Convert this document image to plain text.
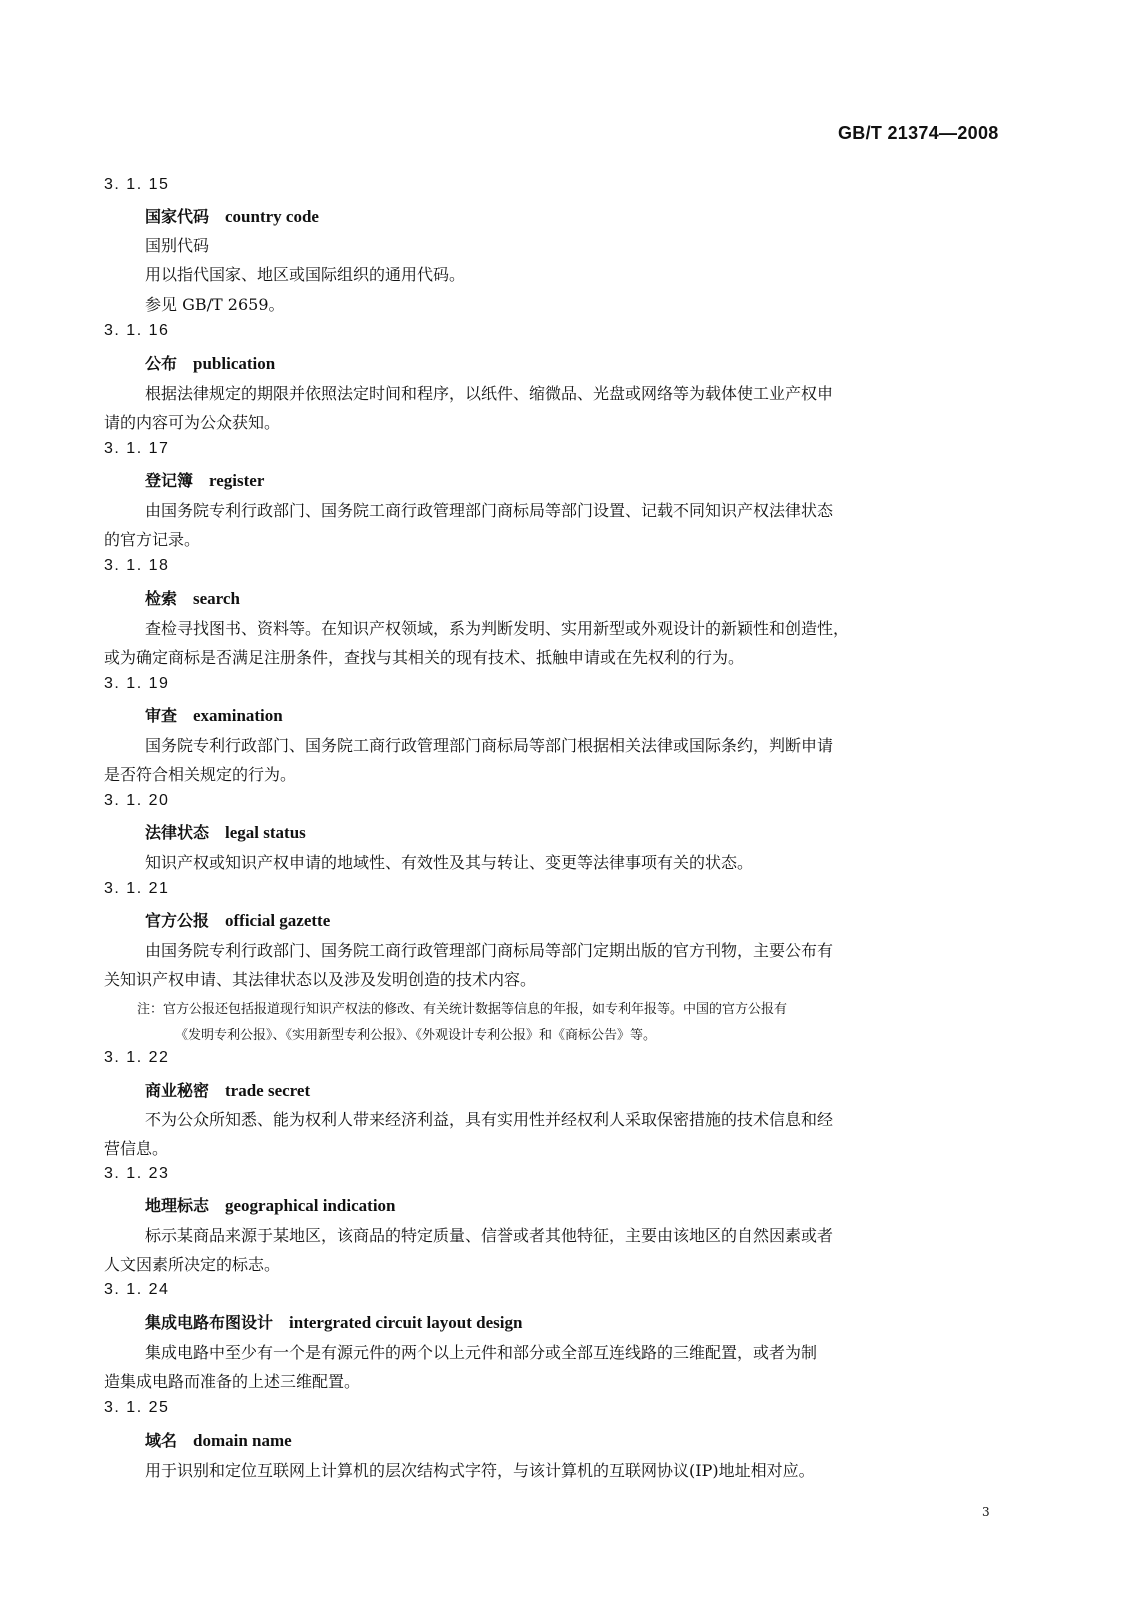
GB/T 21374—2008
3. 1. 15
国家代码 country code
国别代码
用以指代国家、地区或国际组织的通用代码。
参见 GB/T 2659。
3. 1. 16
公布 publication
根据法律规定的期限并依照法定时间和程序，以纸件、缩微品、光盘或网络等为载体使工业产权申
请的内容可为公众获知。
3. 1. 17
登记簿 register
由国务院专利行政部门、国务院工商行政管理部门商标局等部门设置、记载不同知识产权法律状态
的官方记录。
3. 1. 18
检索 search
查检寻找图书、资料等。在知识产权领域，系为判断发明、实用新型或外观设计的新颖性和创造性，
或为确定商标是否满足注册条件，查找与其相关的现有技术、抵触申请或在先权利的行为。
3. 1. 19
审查 examination
国务院专利行政部门、国务院工商行政管理部门商标局等部门根据相关法律或国际条约，判断申请
是否符合相关规定的行为。
3. 1. 20
法律状态 legal status
知识产权或知识产权申请的地域性、有效性及其与转让、变更等法律事项有关的状态。
3. 1. 21
官方公报 official gazette
由国务院专利行政部门、国务院工商行政管理部门商标局等部门定期出版的官方刊物，主要公布有
关知识产权申请、其法律状态以及涉及发明创造的技术内容。
注：官方公报还包括报道现行知识产权法的修改、有关统计数据等信息的年报，如专利年报等。中国的官方公报有
《发明专利公报》、《实用新型专利公报》、《外观设计专利公报》和《商标公告》等。
3. 1. 22
商业秘密 trade secret
不为公众所知悉、能为权利人带来经济利益，具有实用性并经权利人采取保密措施的技术信息和经
营信息。
3. 1. 23
地理标志 geographical indication
标示某商品来源于某地区，该商品的特定质量、信誉或者其他特征，主要由该地区的自然因素或者
人文因素所决定的标志。
3. 1. 24
集成电路布图设计 intergrated circuit layout design
集成电路中至少有一个是有源元件的两个以上元件和部分或全部互连线路的三维配置，或者为制
造集成电路而准备的上述三维配置。
3. 1. 25
域名 domain name
用于识别和定位互联网上计算机的层次结构式字符，与该计算机的互联网协议(IP)地址相对应。
3
